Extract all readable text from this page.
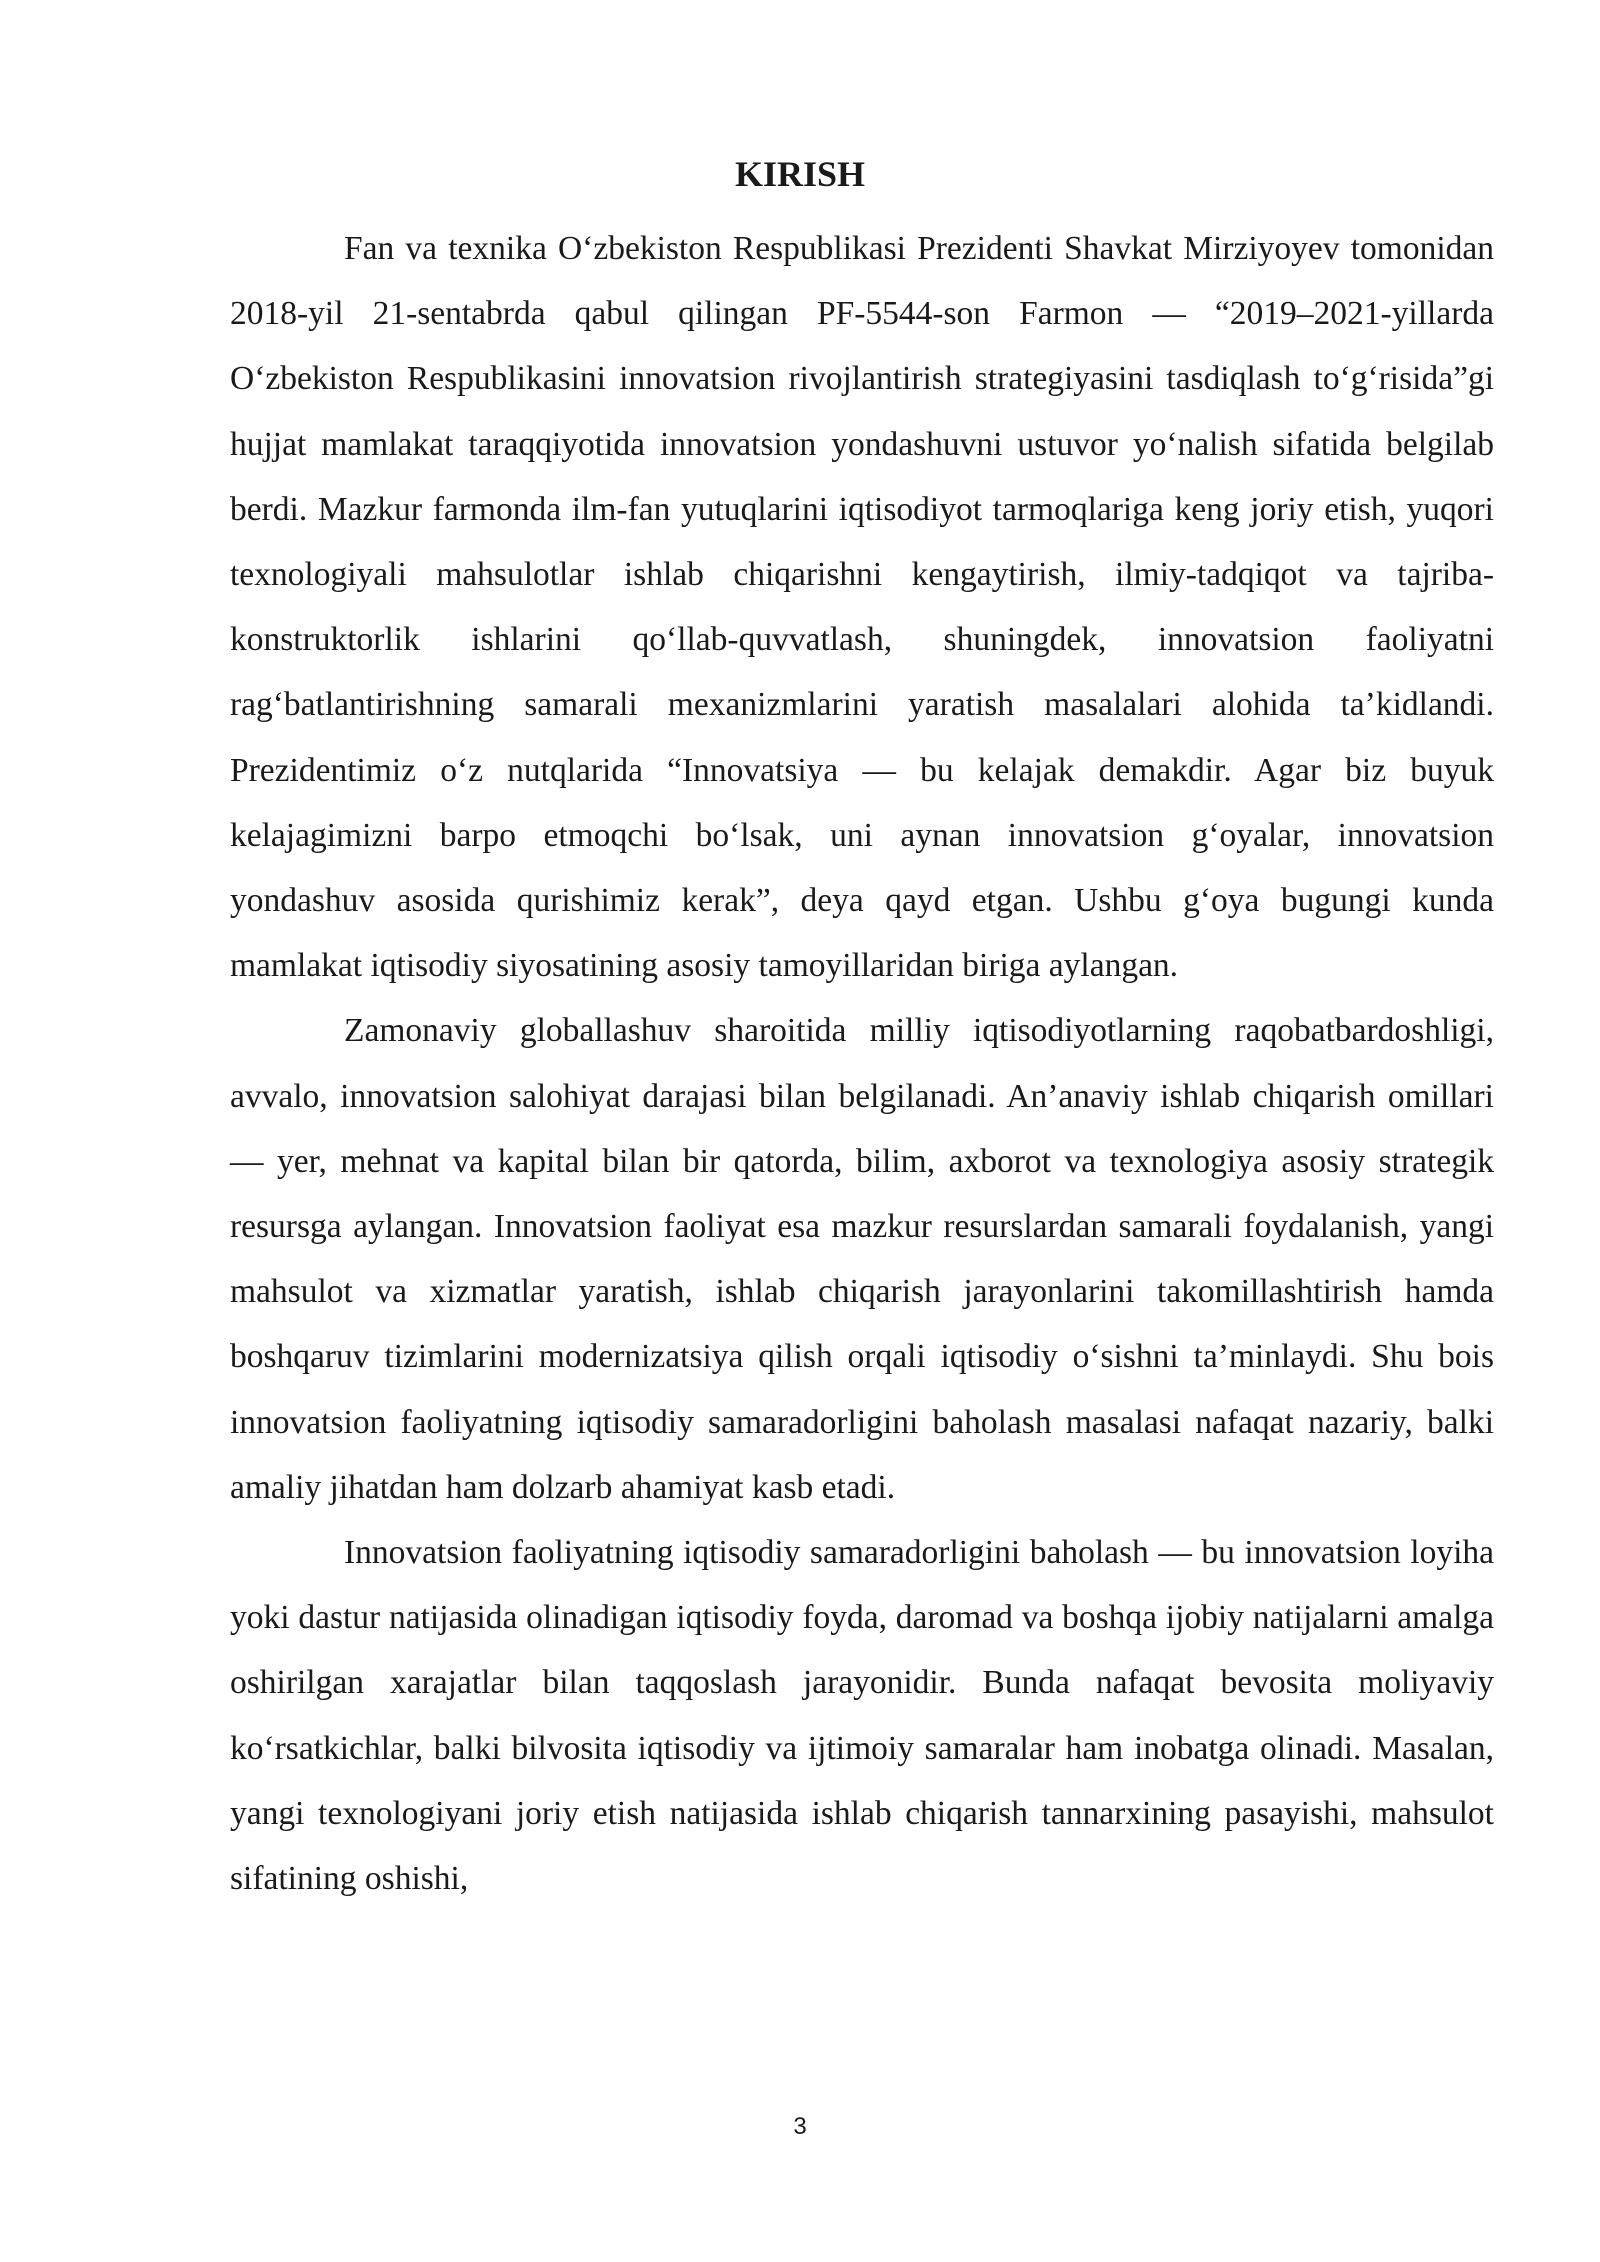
KIRISH

Fan va texnika O‘zbekiston Respublikasi Prezidenti Shavkat Mirziyoyev tomonidan 2018-yil 21-sentabrda qabul qilingan PF-5544-son Farmon — “2019–2021-yillarda O‘zbekiston Respublikasini innovatsion rivojlantirish strategiyasini tasdiqlash to‘g‘risida”gi hujjat mamlakat taraqqiyotida innovatsion yondashuvni ustuvor yo‘nalish sifatida belgilab berdi. Mazkur farmonda ilm-fan yutuqlarini iqtisodiyot tarmoqlariga keng joriy etish, yuqori texnologiyali mahsulotlar ishlab chiqarishni kengaytirish, ilmiy-tadqiqot va tajriba-konstruktorlik ishlarini qo‘llab-quvvatlash, shuningdek, innovatsion faoliyatni rag‘batlantirishning samarali mexanizmlarini yaratish masalalari alohida ta’kidlandi. Prezidentimiz o‘z nutqlarida “Innovatsiya — bu kelajak demakdir. Agar biz buyuk kelajagimizni barpo etmoqchi bo‘lsak, uni aynan innovatsion g‘oyalar, innovatsion yondashuv asosida qurishimiz kerak”, deya qayd etgan. Ushbu g‘oya bugungi kunda mamlakat iqtisodiy siyosatining asosiy tamoyillaridan biriga aylangan.

Zamonaviy globallashuv sharoitida milliy iqtisodiyotlarning raqobatbardoshligi, avvalo, innovatsion salohiyat darajasi bilan belgilanadi. An’anaviy ishlab chiqarish omillari — yer, mehnat va kapital bilan bir qatorda, bilim, axborot va texnologiya asosiy strategik resursga aylangan. Innovatsion faoliyat esa mazkur resurslardan samarali foydalanish, yangi mahsulot va xizmatlar yaratish, ishlab chiqarish jarayonlarini takomillashtirish hamda boshqaruv tizimlarini modernizatsiya qilish orqali iqtisodiy o‘sishni ta’minlaydi. Shu bois innovatsion faoliyatning iqtisodiy samaradorligini baholash masalasi nafaqat nazariy, balki amaliy jihatdan ham dolzarb ahamiyat kasb etadi.

Innovatsion faoliyatning iqtisodiy samaradorligini baholash — bu innovatsion loyiha yoki dastur natijasida olinadigan iqtisodiy foyda, daromad va boshqa ijobiy natijalarni amalga oshirilgan xarajatlar bilan taqqoslash jarayonidir. Bunda nafaqat bevosita moliyaviy ko‘rsatkichlar, balki bilvosita iqtisodiy va ijtimoiy samaralar ham inobatga olinadi. Masalan, yangi texnologiyani joriy etish natijasida ishlab chiqarish tannarxining pasayishi, mahsulot sifatining oshishi,

3
